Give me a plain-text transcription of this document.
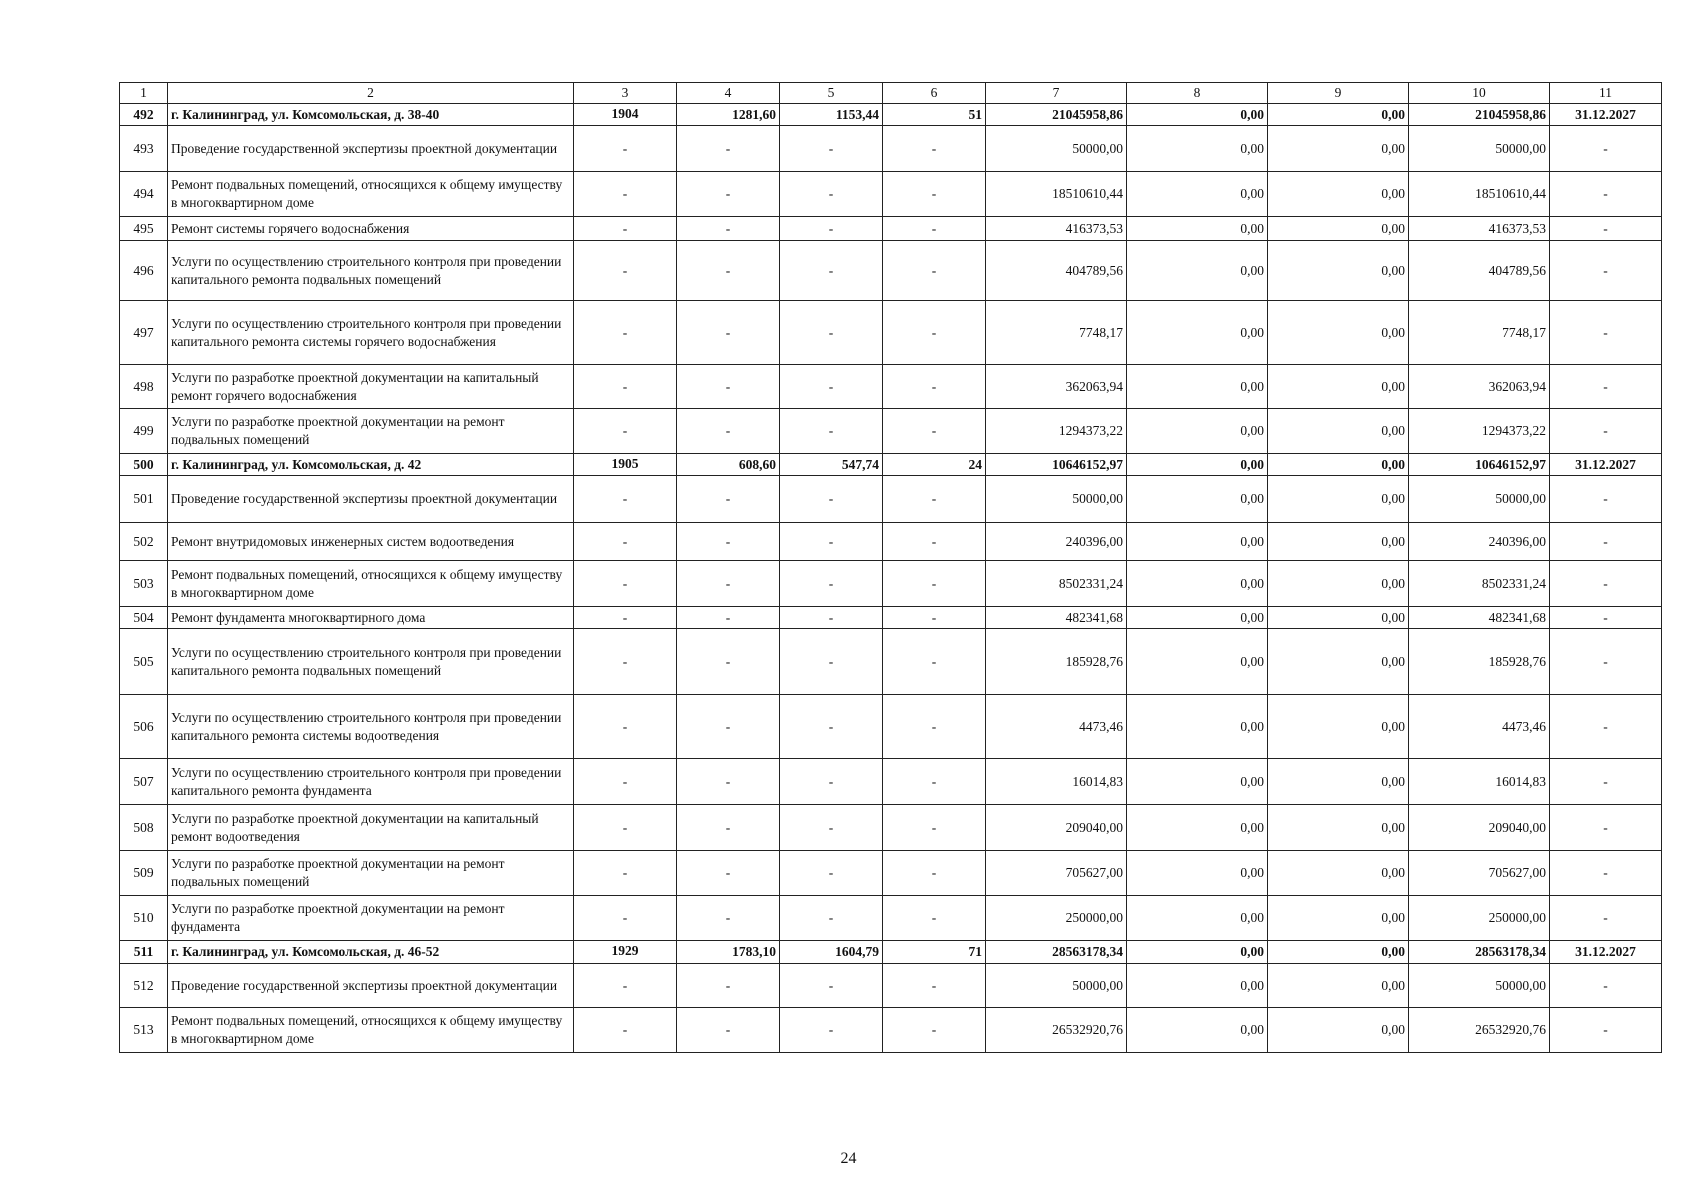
1	2	3	4	5	6	7	8	9	10	11
492	г. Калининград, ул. Комсомольская, д. 38-40	1904	1281,60	1153,44	51	21045958,86	0,00	0,00	21045958,86	31.12.2027
493	Проведение государственной экспертизы проектной документации	-	-	-	-	50000,00	0,00	0,00	50000,00	-
494	Ремонт подвальных помещений, относящихся к общему имуществу в многоквартирном доме	-	-	-	-	18510610,44	0,00	0,00	18510610,44	-
495	Ремонт системы горячего водоснабжения	-	-	-	-	416373,53	0,00	0,00	416373,53	-
496	Услуги по осуществлению строительного контроля при проведении капитального ремонта подвальных помещений	-	-	-	-	404789,56	0,00	0,00	404789,56	-
497	Услуги по осуществлению строительного контроля при проведении капитального ремонта системы горячего водоснабжения	-	-	-	-	7748,17	0,00	0,00	7748,17	-
498	Услуги по разработке проектной документации на капитальный ремонт горячего водоснабжения	-	-	-	-	362063,94	0,00	0,00	362063,94	-
499	Услуги по разработке проектной документации на ремонт подвальных помещений	-	-	-	-	1294373,22	0,00	0,00	1294373,22	-
500	г. Калининград, ул. Комсомольская, д. 42	1905	608,60	547,74	24	10646152,97	0,00	0,00	10646152,97	31.12.2027
501	Проведение государственной экспертизы проектной документации	-	-	-	-	50000,00	0,00	0,00	50000,00	-
502	Ремонт внутридомовых инженерных систем водоотведения	-	-	-	-	240396,00	0,00	0,00	240396,00	-
503	Ремонт подвальных помещений, относящихся к общему имуществу в многоквартирном доме	-	-	-	-	8502331,24	0,00	0,00	8502331,24	-
504	Ремонт фундамента многоквартирного дома	-	-	-	-	482341,68	0,00	0,00	482341,68	-
505	Услуги по осуществлению строительного контроля при проведении капитального ремонта подвальных помещений	-	-	-	-	185928,76	0,00	0,00	185928,76	-
506	Услуги по осуществлению строительного контроля при проведении капитального ремонта системы водоотведения	-	-	-	-	4473,46	0,00	0,00	4473,46	-
507	Услуги по осуществлению строительного контроля при проведении капитального ремонта фундамента	-	-	-	-	16014,83	0,00	0,00	16014,83	-
508	Услуги по разработке проектной документации на капитальный ремонт водоотведения	-	-	-	-	209040,00	0,00	0,00	209040,00	-
509	Услуги по разработке проектной документации на ремонт подвальных помещений	-	-	-	-	705627,00	0,00	0,00	705627,00	-
510	Услуги по разработке проектной документации на ремонт фундамента	-	-	-	-	250000,00	0,00	0,00	250000,00	-
511	г. Калининград, ул. Комсомольская, д. 46-52	1929	1783,10	1604,79	71	28563178,34	0,00	0,00	28563178,34	31.12.2027
512	Проведение государственной экспертизы проектной документации	-	-	-	-	50000,00	0,00	0,00	50000,00	-
513	Ремонт подвальных помещений, относящихся к общему имуществу в многоквартирном доме	-	-	-	-	26532920,76	0,00	0,00	26532920,76	-
24
